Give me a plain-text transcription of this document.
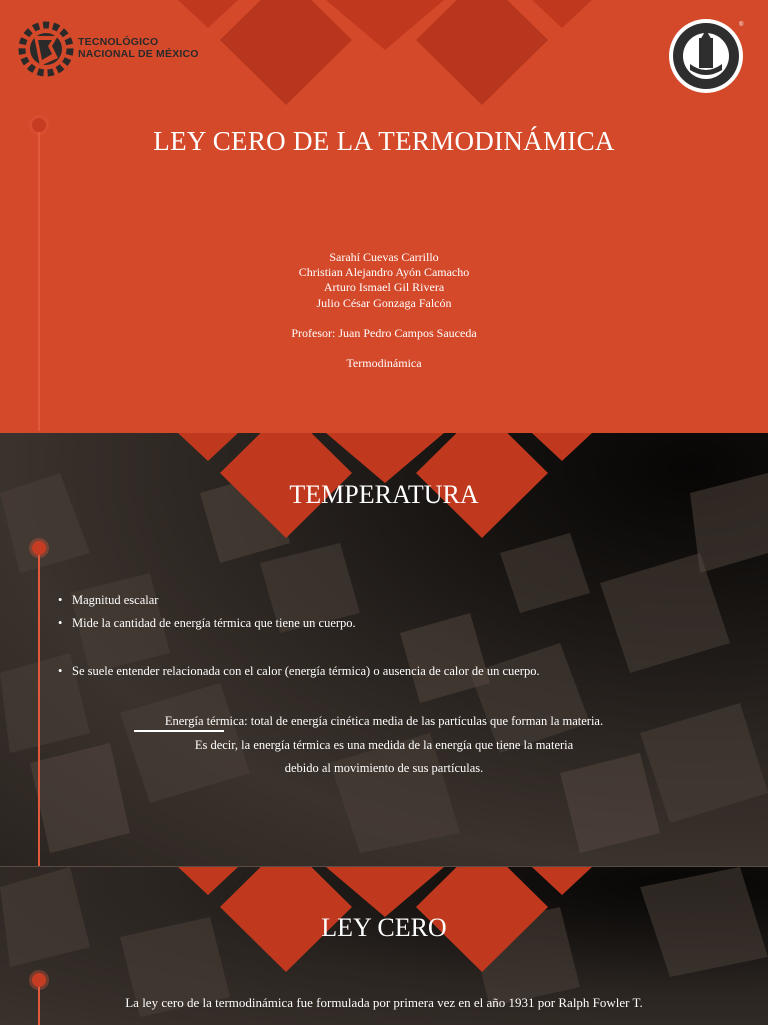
TECNOLÓGICO
NACIONAL DE MÉXICO
®
LEY CERO DE LA TERMODINÁMICA
Sarahí Cuevas Carrillo
Christian Alejandro Ayón Camacho
Arturo Ismael Gil Rivera
Julio César Gonzaga Falcón
Profesor: Juan Pedro Campos Sauceda
Termodinámica
TEMPERATURA
• Magnitud escalar
• Mide la cantidad de energía térmica que tiene un cuerpo.
• Se suele entender relacionada con el calor (energía térmica) o ausencia de calor de un cuerpo.
Energía térmica: total de energía cinética media de las partículas que forman la materia.
Es decir, la energía térmica es una medida de la energía que tiene la materia
debido al movimiento de sus partículas.
LEY CERO
La ley cero de la termodinámica fue formulada por primera vez en el año 1931 por Ralph Fowler T.
